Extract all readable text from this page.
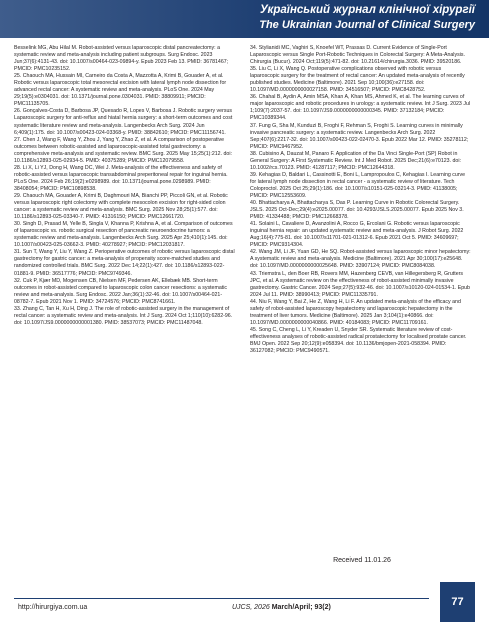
Український журнал клінічної хірургії
The Ukrainian Journal of Clinical Surgery

Besselink MG, Abu Hilal M. Robot-assisted versus laparoscopic distal pancreatectomy: a systematic review and meta-analysis including patient subgroups. Surg Endosc. 2023 Jun;37(6):4131-43. doi: 10.1007/s00464-023-09894-y. Epub 2023 Feb 13. PMID: 36781467; PMCID: PMC10235152.

25. Chaouch MA, Hussain MI, Carneiro da Costa A, Mazzotta A, Krimi B, Gouader A, et al. Robotic versus laparoscopic total mesorectal excision with lateral lymph node dissection for advanced rectal cancer: A systematic review and meta-analysis. PLoS One. 2024 May 29;19(5):e0304031. doi: 10.1371/journal.pone.0304031. PMID: 38809911; PMCID: PMC11135705.

26. Gonçalves-Costa D, Barbosa JP, Quesado R, Lopes V, Barbosa J. Robotic surgery versus Laparoscopic surgery for anti-reflux and hiatal hernia surgery: a short-term outcomes and cost systematic literature review and meta-analysis. Langenbecks Arch Surg. 2024 Jun 6;409(1):175. doi: 10.1007/s00423-024-03368-y. PMID: 38842610; PMCID: PMC11156741.

27. Chen J, Wang F, Wang Y, Zhou J, Yang Y, Zhao Z, et al. A comparison of postoperative outcomes between robotic-assisted and laparoscopic-assisted total gastrectomy: a comprehensive meta-analysis and systematic review. BMC Surg. 2025 May 15;25(1):212. doi: 10.1186/s12893-025-02934-5. PMID: 40375289; PMCID: PMC12079558.

28. Li X, Li YJ, Dong H, Wang DC, Wei J. Meta-analysis of the effectiveness and safety of robotic-assisted versus laparoscopic transabdominal preperitoneal repair for inguinal hernia. PLoS One. 2024 Feb 26;19(2):e0298989. doi: 10.1371/journal.pone.0298989. PMID: 38408054; PMCID: PMC10898538.

29. Chaouch MA, Gouader A, Krimi B, Daghmouri MA, Bianchi PP, Piccoli GN, et al. Robotic versus laparoscopic right colectomy with complete mesocolon excision for right-sided colon cancer: a systematic review and meta-analysis. BMC Surg. 2025 Nov 28;25(1):577. doi: 10.1186/s12893-025-03340-7. PMID: 41316150; PMCID: PMC12661720.

30. Singh D, Prasad M, Yelle B, Singla V, Khanna P, Krishna A, et al. Comparison of outcomes of laparoscopic vs. robotic surgical resection of pancreatic neuroendocrine tumors: a systematic review and meta-analysis. Langenbecks Arch Surg. 2025 Apr 25;410(1):145. doi: 10.1007/s00423-025-03662-3. PMID: 40278927; PMCID: PMC12031817.

31. Sun T, Wang Y, Liu Y, Wang Z. Perioperative outcomes of robotic versus laparoscopic distal gastrectomy for gastric cancer: a meta-analysis of propensity score-matched studies and randomized controlled trials. BMC Surg. 2022 Dec 14;22(1):427. doi: 10.1186/s12893-022-01881-9. PMID: 36517776; PMCID: PMC9749346.

32. Cuk P, Kjær MD, Mogensen CB, Nielsen MF, Pedersen AK, Ellebæk MB. Short-term outcomes in robot-assisted compared to laparoscopic colon cancer resections: a systematic review and meta-analysis. Surg Endosc. 2022 Jan;36(1):32-46. doi: 10.1007/s00464-021-08782-7. Epub 2021 Nov 1. PMID: 34724576; PMCID: PMC8741661.

33. Zhang C, Tan H, Xu H, Ding J. The role of robotic-assisted surgery in the management of rectal cancer: a systematic review and meta-analysis. Int J Surg. 2024 Oct 1;110(10):6282-96. doi: 10.1097/JS9.0000000000001380. PMID: 38537073; PMCID: PMC11487048.

34. Stylianidi MC, Vaghiri S, Knoefel WT, Prassas D. Current Evidence of Single-Port Laparoscopic versus Single Port-Robotic Techniques in Colorectal Surgery: A Meta-Analysis. Chirurgia (Bucur). 2024 Oct;119(5):471-82. doi: 10.21614/chirurgia.3036. PMID: 39520186.

35. Liu C, Li X, Wang Q. Postoperative complications observed with robotic versus laparoscopic surgery for the treatment of rectal cancer: An updated meta-analysis of recently published studies. Medicine (Baltimore). 2021 Sep 10;100(36):e27158. doi: 10.1097/MD.0000000000027158. PMID: 34516507; PMCID: PMC8428752.

36. Chahal B, Aydin A, Amin MSA, Khan A, Khan MS, Ahmed K, et al. The learning curves of major laparoscopic and robotic procedures in urology: a systematic review. Int J Surg. 2023 Jul 1;109(7):2037-57. doi: 10.1097/JS9.0000000000000345. PMID: 37132184; PMCID: PMC10389344.

37. Fung G, Sha M, Kunduzi B, Froghi F, Rehman S, Froghi S. Learning curves in minimally invasive pancreatic surgery: a systematic review. Langenbecks Arch Surg. 2022 Sep;407(6):2217-32. doi: 10.1007/s00423-022-02470-3. Epub 2022 Mar 12. PMID: 35278112; PMCID: PMC9467952.

38. Cubisino A, Dauzat M, Panaro F. Application of the Da Vinci Single-Port (SP) Robot in General Surgery: A First Systematic Review. Int J Med Robot. 2025 Dec;21(6):e70123. doi: 10.1002/rcs.70123. PMID: 41287117; PMCID: PMC12644318.

39. Kehagias D, Baldari L, Cassinotti E, Boni L, Lampropoulos C, Kehagias I. Learning curve for lateral lymph node dissection in rectal cancer - a systematic review of literature. Tech Coloproctol. 2025 Oct 25;29(1):186. doi: 10.1007/s10151-025-03214-3. PMID: 41138005; PMCID: PMC12553609.

40. Bhattacharya A, Bhattacharya S, Das P. Learning Curve in Robotic Colorectal Surgery. JSLS. 2025 Oct-Dec;29(4):e2025.00077. doi: 10.4293/JSLS.2025.00077. Epub 2025 Nov 3. PMID: 41334488; PMCID: PMC12668378.

41. Solaini L, Cavaliere D, Avanzolini A, Rocco G, Ercolani G. Robotic versus laparoscopic inguinal hernia repair: an updated systematic review and meta-analysis. J Robot Surg. 2022 Aug;16(4):775-81. doi: 10.1007/s11701-021-01312-6. Epub 2021 Oct 5. PMID: 34609697; PMCID: PMC9314304.

42. Wang JM, Li JF, Yuan GD, He SQ. Robot-assisted versus laparoscopic minor hepatectomy: A systematic review and meta-analysis. Medicine (Baltimore). 2021 Apr 30;100(17):e25648. doi: 10.1097/MD.0000000000025648. PMID: 33907124; PMCID: PMC8084038.

43. Triemstra L, den Boer RB, Rovers MM, Hazenberg CEVB, van Hillegersberg R, Grutters JPC, et al. A systematic review on the effectiveness of robot-assisted minimally invasive gastrectomy. Gastric Cancer. 2024 Sep;27(5):932-46. doi: 10.1007/s10120-024-01534-1. Epub 2024 Jul 11. PMID: 38990413; PMCID: PMC11335791.

44. Niu F, Wang Y, Bai Z, He Z, Wang H, Li F. An updated meta-analysis of the efficacy and safety of robot-assisted laparoscopy hepatectomy and laparoscopic hepatectomy in the treatment of liver tumors. Medicine (Baltimore). 2025 Jan 3;104(1):e40866. doi: 10.1097/MD.0000000000040866. PMID: 40184083; PMCID: PMC11709161.

45. Song C, Cheng L, Li Y, Kreaden U, Snyder SR. Systematic literature review of cost-effectiveness analyses of robotic-assisted radical prostatectomy for localised prostate cancer. BMJ Open. 2022 Sep 20;12(9):e058394. doi: 10.1136/bmjopen-2021-058394. PMID: 36127082; PMCID: PMC9490571.

Received 11.01.26
http://hirurgiya.com.ua	UJCS, 2026 March/April; 93(2)	77
